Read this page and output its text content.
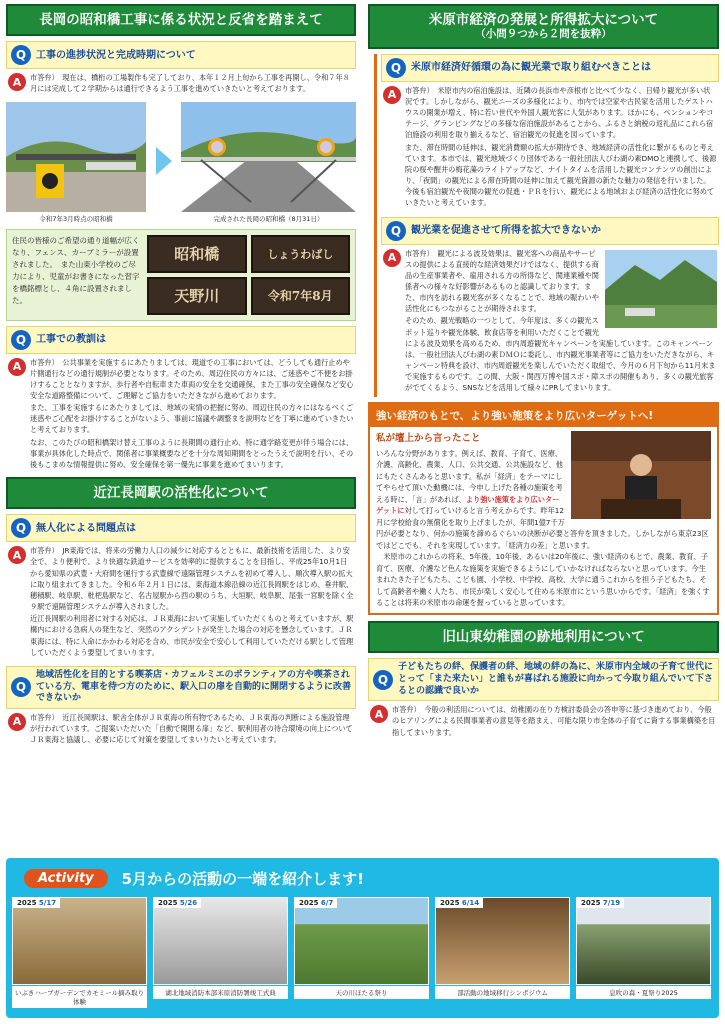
長岡の昭和橋工事に係る状況と反省を踏まえて
Q 工事の進捗状況と完成時期について
A	市答弁）　現在は、橋桁の工場製作も完了しており、本年１２月上旬から工事を再開し、令和７年８月には完成して２学期からは通行できるよう工事を進めていきたいと考えております。

令和7年3月時点の昭和橋	完成された長岡の昭和橋（8月31日）
住民の皆様のご希望の通り道幅が広くなり、フェンス、カーブミラーが設置されました。　また山東小学校のご尽力により、児童がお書きになった習字を橋銘標とし、４角に設置されました。
昭和橋	しょうわばし
天野川	令和7年8月
Q 工事での教訓は
A	市答弁）　公共事業を実施するにあたりましては、現道での工事においては、どうしても通行止めや片側通行などの通行規制が必要となります。そのため、周辺住民の方々には、ご迷惑やご不便をお掛けすることとなりますが、歩行者や自転車また車両の安全を交通確保、また工事の安全確保など安心安全な道路整備について、ご理解とご協力をいただきながら進めております。

また、工事を実施するにあたりましては、地域の実情の把握に努め、周辺住民の方々にはなるべくご迷惑やご心配をお掛けすることがないよう、事前に協議や調整まを説明などを丁寧に進めていきたいと考えております。

なお、このたびの昭和橋架け替え工事のように長期間の通行止め、特に通学路変更が伴う場合には、事業が具体化した時点で、関係者に事業概要などを十分な周知期間をとったうえで説明を行い、その後もこまめな情報提供に努め、安全確保を第一優先に事業を進めてまいります。

近江長岡駅の活性化について
Q 無人化による問題点は
A	市答弁）　JR東海では、将来の労働力人口の減少に対応するとともに、最新技術を活用した、より安全で、より便利で、より快適な鉄道サービスを効率的に提供することを目指し、平成25年10月1日から愛知県の武豊・大府間を運行する武豊線で遠隔管理システムを初めて導入し、順次導入駅の拡大に取り組まれてきました。令和６年２月１日には、東海道本線沿線の近江長岡駅をはじめ、垂井駅、穂積駅、岐阜駅、枇杷島駅など、名古屋駅から西の駅のうち、大垣駅、岐阜駅、尾張一宮駅を除く全９駅で遠隔管理システムが導入されました。

近江長岡駅の利用者に対する対応は、ＪＲ東海において実施していただくものと考えていますが、駅構内における急病人の発生など、突然のアクシデントが発生した場合の対応を懸念しています。ＪＲ東海には、特に人命にかかわる対応を含め、市民が安全で安心して利用していただける駅として管理していただくよう要望してまいります。

Q
地域活性化を目的とする喫茶店・カフェルミエのボランティアの方や喫茶されている方、電車を待つ方のために、駅入口の扉を自動的に開閉するように改善できないか
A	市答弁）　近江長岡駅は、駅舎全体がＪＲ東海の所有物であるため、ＪＲ東海の判断による施設管理が行われています。ご提案いただいた「自動で開閉る扉」など、駅利用者の待合環境の向上についてＪＲ東海と協議し、必要に応じて対策を要望してまいりたいと考えています。

米原市経済の発展と所得拡大について
（小問９つから２問を抜粋）
Q 米原市経済好循環の為に観光業で取り組むべきことは
A	市答弁）　米原市内の宿泊施設は、近隣の長浜市や彦根市と比べて少なく、日帰り観光が多い状況です。しかしながら、観光ニーズの多様化により、市内では空家や古民家を活用したゲストハウスの開業が増え、特に若い世代や外国人観光客に人気があります。ほかにも、ペンションやコテージ、グランピングなどの多様な宿泊施設があることから、ふるさと納税の返礼品にこれら宿泊施設の利用を取り揃えるなど、宿泊観光の促進を図っています。

また、滞在時間の延伸は、観光消費額の拡大が期待でき、地域経済の活性化に繋がるものと考えています。本市では、観光地域づくり団体である一般社団法人びわ湖の素DMOと連携して、後源院の桜や醒井の梅花藻のライトアップなど、ナイトタイムを活用した観光コンテンツの創出により、「夜間」の観光による滞在時間の延伸に加えて観光資源の新たな魅力の発信を行いました。今後も宿泊観光や夜間の観光の促進・ＰＲを行い、観光による地域および経済の活性化に努めていきたいと考えています。

Q 観光業を促進させて所得を拡大できないか
A	市答弁）　観光による波及効果は、観光客への商品やサービスの提供による直接的な経済効果だけではなく、提供する商品の生産事業者や、雇用される方の所得など、関連業種や関係者への様々な好影響があるものと認識しております。また、市内を訪れる観光客が多くなることで、地域の賑わいや活性化にもつながることが期待されます。

そのため、観光戦略の一つとして、今年度は、多くの観光スポット巡りや観光体験、飲食店等を利用いただくことで観光による波及効果を高めるため、市内周遊観光キャンペーンを実施しています。このキャンペーンは、一般社団法人びわ湖の素ＤＭＯに委託し、市内観光事業者等にご協力をいただきながら、キャンペーン特典を設け、市内周遊観光を楽しんでいただく取組で、今月の６月下旬から11月末まで実施するものです。この間、大阪・関西万博や国スポ・障スポの開催もあり、多くの観光旅客がでてくるよう、SNSなどを活用して様々にPRしてまいります。

強い経済のもとで、より強い施策をより広いターゲットへ!
私が壇上から言ったこと

いろんな分野があります。例えば、教育、子育て、医療、介護、高齢化、農業、人口、公共交通、公共施設など、他にもたくさんあると思います。私が「経済」をテーマにしてやらせて頂いた動機には、今申し上げた各種の施策を考える時に、「言」があれば、より強い施策をより広いターゲットに対して打っていけると言う考えからです。昨年12月に学校給食の無償化を取り上げましたが、年間1億7千万円が必要となり、何かの施策を諦めるぐらいの決断が必要と答弁を頂きました。しかしながら東京23区ではどこでも、それを実現しています。「経済力の差」と思います。

米原市のこれからの将来、5年後、10年後、あるいは20年後に、強い経済のもとで、農業、教育、子育て、医療、介護など色んな施策を実施できるようにしていかなければならないと思っています。今生まれたきた子どもたち、こども園、小学校、中学校、高校、大学に通うこれからを担う子どもたち、そして高齢者や働く人たち、市民が楽しく安心して住める米原市にという思いからです。「経済」を強くすることは将来の米原市の命運を握っていると思っています。

旧山東幼稚園の跡地利用について
Q
子どもたちの絆、保護者の絆、地域の絆の為に、米原市内全域の子育て世代にとって「また来たい」と誰もが喜ばれる施設に向かって今取り組んでいて下さるとの認識で良いか
A	市答弁）　今般の利活用については、幼稚園の在り方検討委員会の答申等に基づき進めており、今般のヒアリングによる民間事業者の意見等を踏まえ、可能な限り市全体の子育てに資する事業構築を目指してまいります。

Activity	5月からの活動の一端を紹介します!
2025 5/17
いぶきハーブガーデンでカモミール摘み取り体験
2025 5/26
湖北地域消防本部米原消防署竣工式典
2025 6/7
天の川ほたる祭り
2025 6/14
部活動の地域移行シンポジウム
2025 7/19
息吹の森・夏祭り2025
